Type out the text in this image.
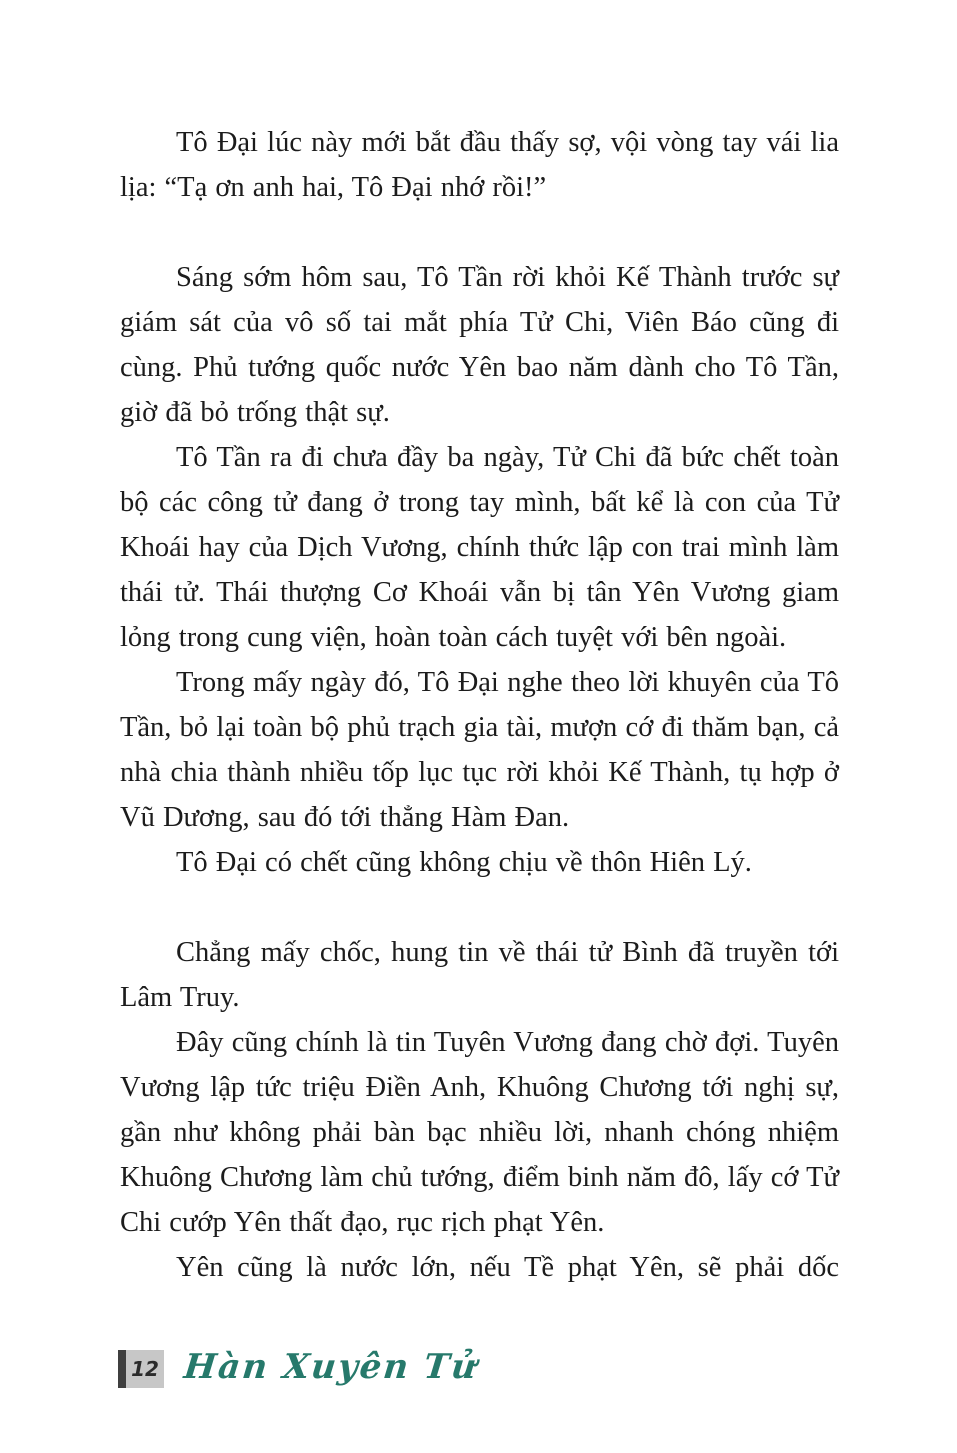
Tô Đại lúc này mới bắt đầu thấy sợ, vội vòng tay vái lia lịa: “Tạ ơn anh hai, Tô Đại nhớ rồi!”

Sáng sớm hôm sau, Tô Tần rời khỏi Kế Thành trước sự giám sát của vô số tai mắt phía Tử Chi, Viên Báo cũng đi cùng. Phủ tướng quốc nước Yên bao năm dành cho Tô Tần, giờ đã bỏ trống thật sự.

Tô Tần ra đi chưa đầy ba ngày, Tử Chi đã bức chết toàn bộ các công tử đang ở trong tay mình, bất kể là con của Tử Khoái hay của Dịch Vương, chính thức lập con trai mình làm thái tử. Thái thượng Cơ Khoái vẫn bị tân Yên Vương giam lỏng trong cung viện, hoàn toàn cách tuyệt với bên ngoài.

Trong mấy ngày đó, Tô Đại nghe theo lời khuyên của Tô Tần, bỏ lại toàn bộ phủ trạch gia tài, mượn cớ đi thăm bạn, cả nhà chia thành nhiều tốp lục tục rời khỏi Kế Thành, tụ hợp ở Vũ Dương, sau đó tới thẳng Hàm Đan.

Tô Đại có chết cũng không chịu về thôn Hiên Lý.

Chẳng mấy chốc, hung tin về thái tử Bình đã truyền tới Lâm Truy.

Đây cũng chính là tin Tuyên Vương đang chờ đợi. Tuyên Vương lập tức triệu Điền Anh, Khuông Chương tới nghị sự, gần như không phải bàn bạc nhiều lời, nhanh chóng nhiệm Khuông Chương làm chủ tướng, điểm binh năm đô, lấy cớ Tử Chi cướp Yên thất đạo, rục rịch phạt Yên.

Yên cũng là nước lớn, nếu Tề phạt Yên, sẽ phải dốc

12 Hàn Xuyên Tử
